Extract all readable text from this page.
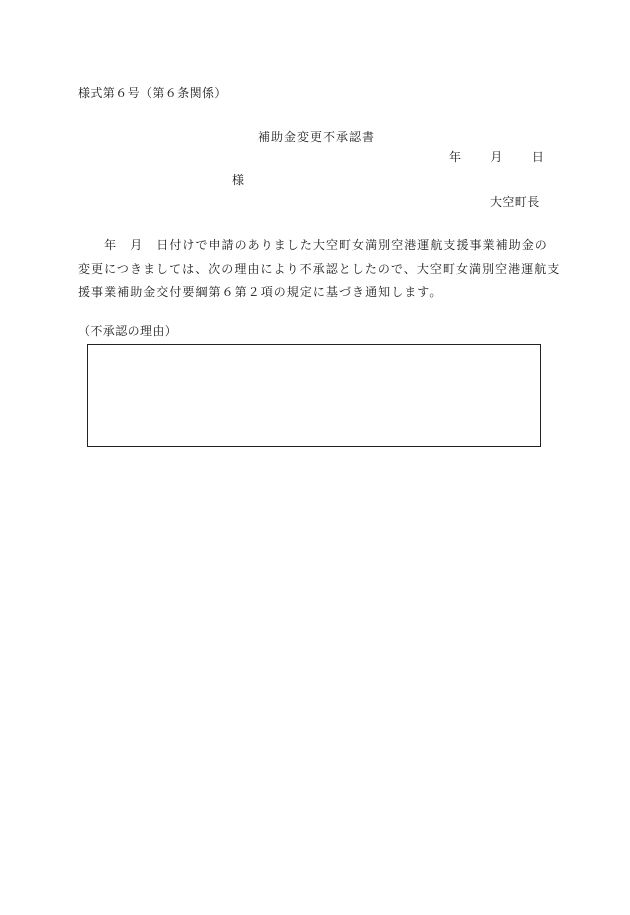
様式第６号（第６条関係）
補助金変更不承認書
年 月 日
様
大空町長
　　年　月　日付けで申請のありました大空町女満別空港運航支援事業補助金の
変更につきましては、次の理由により不承認としたので、大空町女満別空港運航支
援事業補助金交付要綱第６第２項の規定に基づき通知します。
（不承認の理由）
